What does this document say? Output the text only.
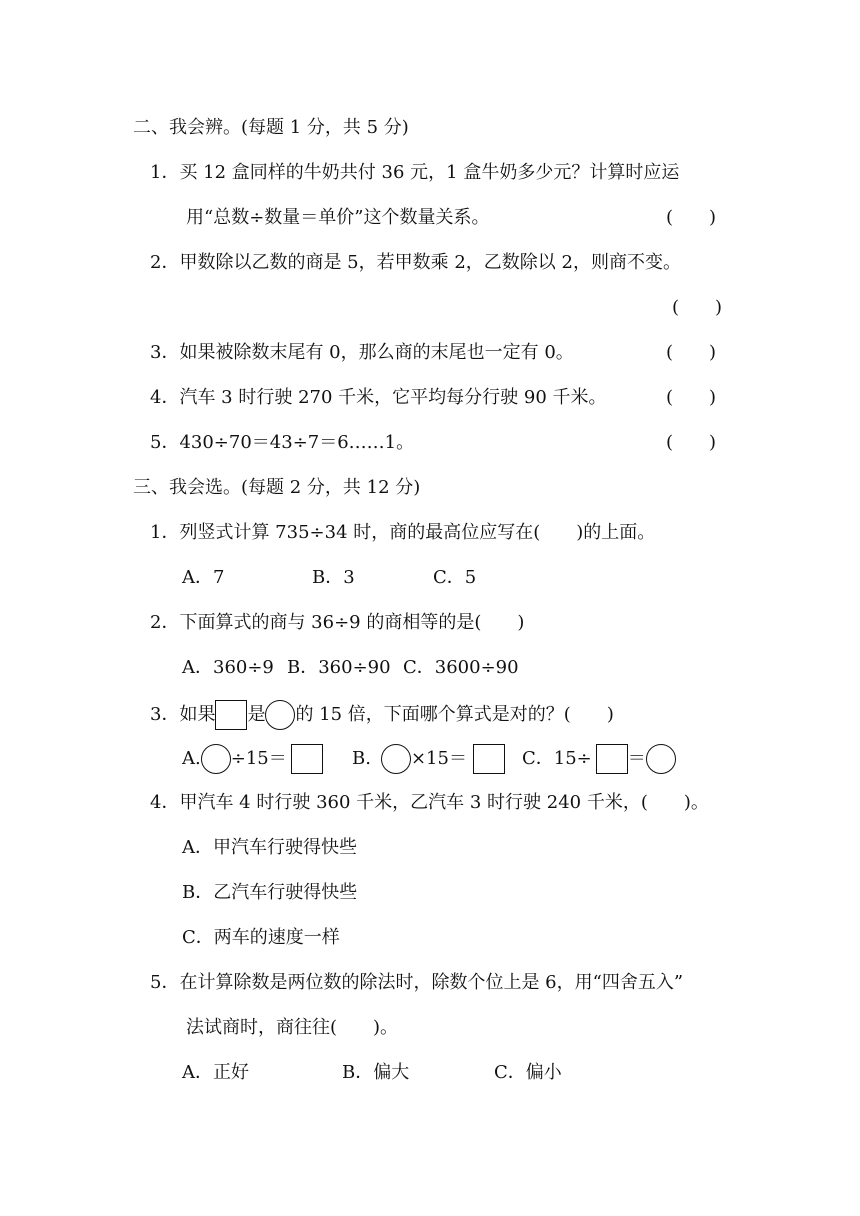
二、我会辨。(每题 1 分，共 5 分)
1．买 12 盒同样的牛奶共付 36 元，1 盒牛奶多少元？计算时应运
用“总数÷数量＝单价”这个数量关系。	(　　)
2．甲数除以乙数的商是 5，若甲数乘 2，乙数除以 2，则商不变。
(　　)
3．如果被除数末尾有 0，那么商的末尾也一定有 0。	(　　)
4．汽车 3 时行驶 270 千米，它平均每分行驶 90 千米。	(　　)
5．430÷70＝43÷7＝6……1。	(　　)
三、我会选。(每题 2 分，共 12 分)
1．列竖式计算 735÷34 时，商的最高位应写在(　　)的上面。
A．7	B．3	C．5
2．下面算式的商与 36÷9 的商相等的是(　　)
A．360÷9 B．360÷90 C．3600÷90
3．如果 是 的 15 倍，下面哪个算式是对的？(　　)
A. ÷15＝	B. ×15＝	C．15÷ ＝
4．甲汽车 4 时行驶 360 千米，乙汽车 3 时行驶 240 千米，(　　)。
A．甲汽车行驶得快些
B．乙汽车行驶得快些
C．两车的速度一样
5．在计算除数是两位数的除法时，除数个位上是 6，用“四舍五入”
法试商时，商往往(　　)。
A．正好	B．偏大	C．偏小
